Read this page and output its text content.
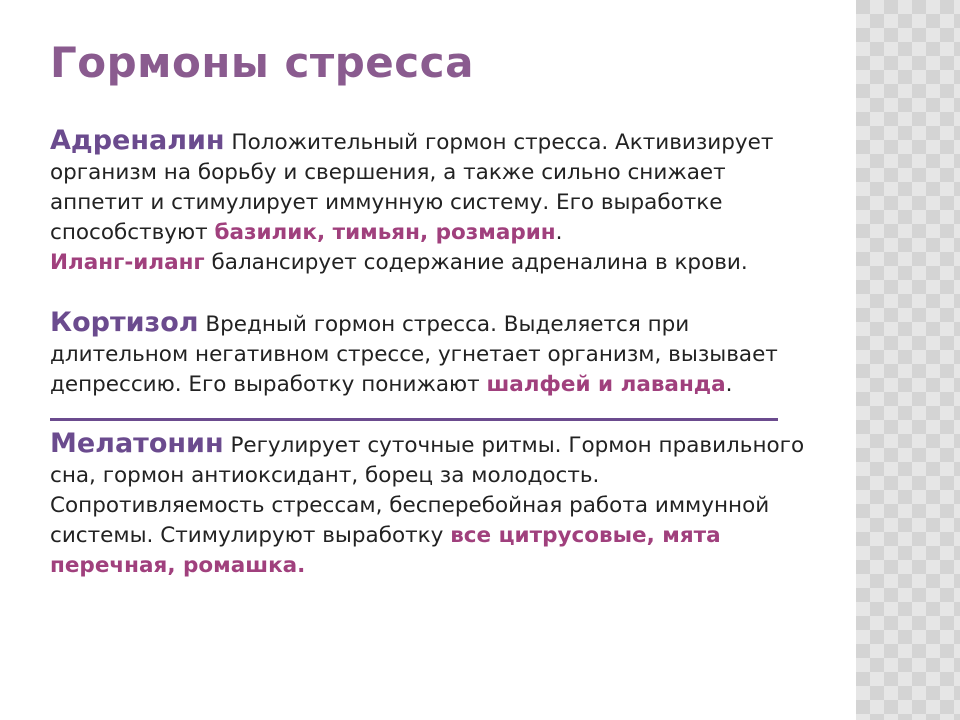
Гормоны стресса

Адреналин Положительный гормон стресса. Активизирует организм на борьбу и свершения, а также сильно снижает аппетит и стимулирует иммунную систему. Его выработке способствуют базилик, тимьян, розмарин.
Иланг-иланг балансирует содержание адреналина в крови.

Кортизол Вредный гормон стресса. Выделяется при длительном негативном стрессе, угнетает организм, вызывает депрессию. Его выработку понижают шалфей и лаванда.

Мелатонин Регулирует суточные ритмы. Гормон правильного сна, гормон антиоксидант, борец за молодость. Сопротивляемость стрессам, бесперебойная работа иммунной системы. Стимулируют выработку все цитрусовые, мята перечная, ромашка.
